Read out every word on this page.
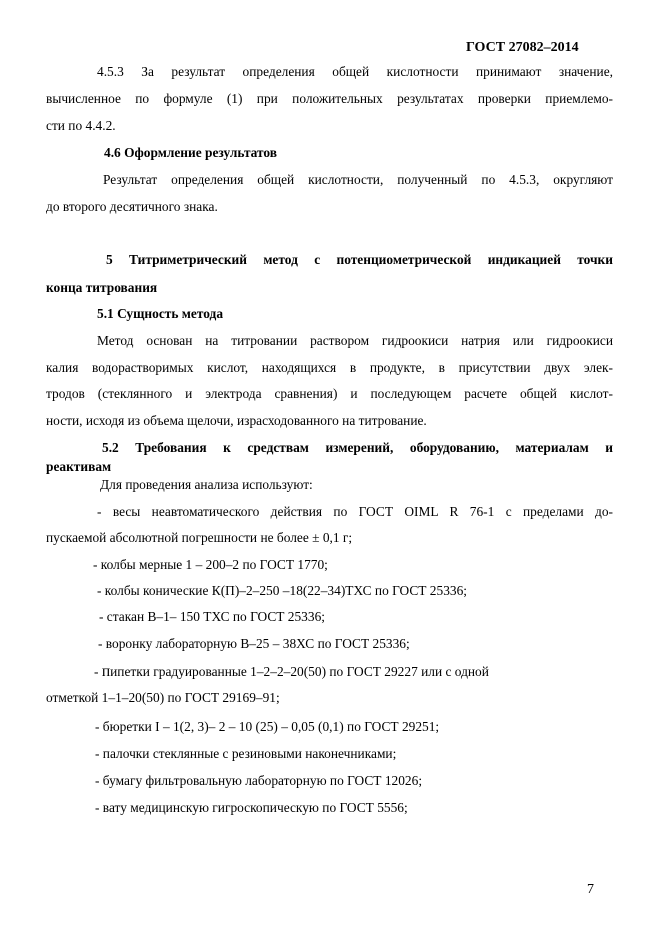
ГОСТ 27082–2014
4.5.3 За результат определения общей кислотности принимают значение,
вычисленное по формуле (1) при положительных результатах проверки приемлемо-
сти по 4.4.2.
4.6 Оформление результатов
Результат определения общей кислотности, полученный по 4.5.3, округляют
до второго десятичного знака.
5 Титриметрический метод с потенциометрической индикацией точки
конца титрования
5.1 Сущность метода
Метод основан на титровании раствором гидроокиси натрия или гидроокиси
калия водорастворимых кислот, находящихся в продукте, в присутствии двух элек-
тродов (стеклянного и электрода сравнения) и последующем расчете общей кислот-
ности, исходя из объема щелочи, израсходованного на титрование.
5.2 Требования к средствам измерений, оборудованию, материалам и
реактивам
Для проведения анализа используют:
- весы неавтоматического действия по ГОСТ OIML R 76-1 с пределами до-
пускаемой абсолютной погрешности не более ± 0,1 г;
- колбы мерные 1 – 200–2 по ГОСТ 1770;
- колбы конические К(П)–2–250 –18(22–34)ТХС по ГОСТ 25336;
- стакан В–1– 150 ТХС по ГОСТ 25336;
- воронку лабораторную В–25 – 38ХС по ГОСТ 25336;
- пипетки градуированные 1–2–2–20(50) по ГОСТ 29227 или с одной
отметкой 1–1–20(50) по ГОСТ 29169–91;
- бюретки I – 1(2, 3)– 2 – 10 (25) – 0,05 (0,1) по ГОСТ 29251;
- палочки стеклянные с резиновыми наконечниками;
- бумагу фильтровальную лабораторную по ГОСТ 12026;
- вату медицинскую гигроскопическую по ГОСТ 5556;
7
